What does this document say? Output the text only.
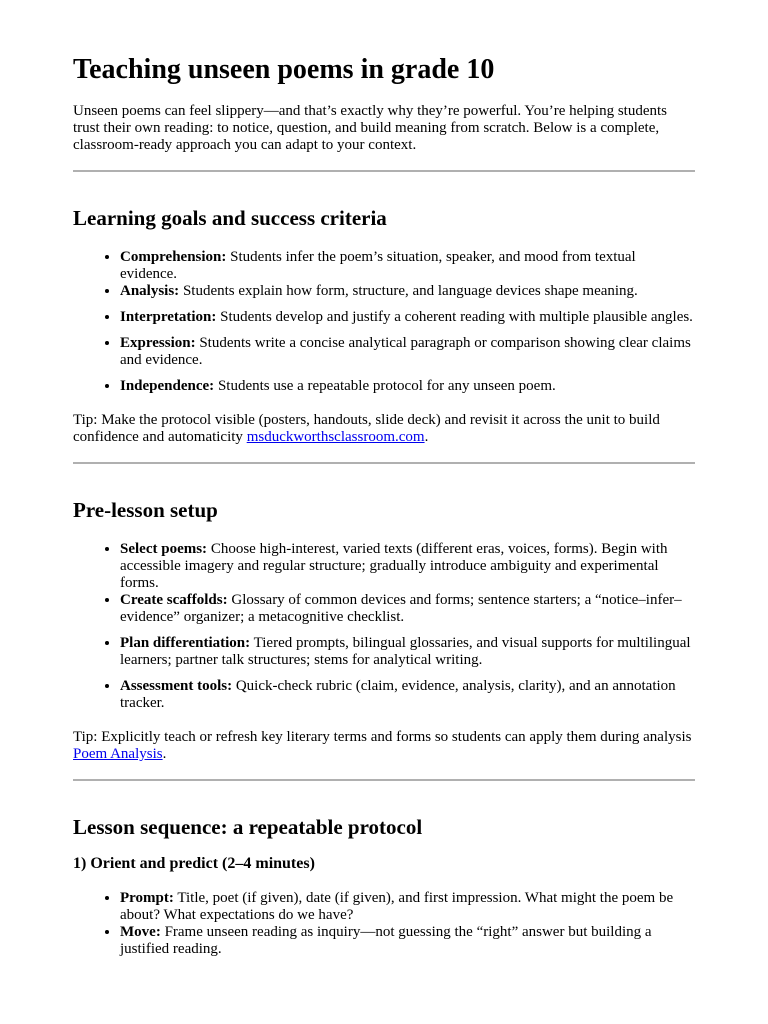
Teaching unseen poems in grade 10

Unseen poems can feel slippery—and that’s exactly why they’re powerful. You’re helping students trust their own reading: to notice, question, and build meaning from scratch. Below is a complete, classroom-ready approach you can adapt to your context.

Learning goals and success criteria
• Comprehension: Students infer the poem’s situation, speaker, and mood from textual evidence.
• Analysis: Students explain how form, structure, and language devices shape meaning.
• Interpretation: Students develop and justify a coherent reading with multiple plausible angles.
• Expression: Students write a concise analytical paragraph or comparison showing clear claims and evidence.
• Independence: Students use a repeatable protocol for any unseen poem.

Tip: Make the protocol visible (posters, handouts, slide deck) and revisit it across the unit to build confidence and automaticity msduckworthsclassroom.com.

Pre-lesson setup
• Select poems: Choose high-interest, varied texts (different eras, voices, forms). Begin with accessible imagery and regular structure; gradually introduce ambiguity and experimental forms.
• Create scaffolds: Glossary of common devices and forms; sentence starters; a “notice–infer–evidence” organizer; a metacognitive checklist.
• Plan differentiation: Tiered prompts, bilingual glossaries, and visual supports for multilingual learners; partner talk structures; stems for analytical writing.
• Assessment tools: Quick-check rubric (claim, evidence, analysis, clarity), and an annotation tracker.

Tip: Explicitly teach or refresh key literary terms and forms so students can apply them during analysis Poem Analysis.

Lesson sequence: a repeatable protocol
1) Orient and predict (2–4 minutes)
• Prompt: Title, poet (if given), date (if given), and first impression. What might the poem be about? What expectations do we have?
• Move: Frame unseen reading as inquiry—not guessing the “right” answer but building a justified reading.
